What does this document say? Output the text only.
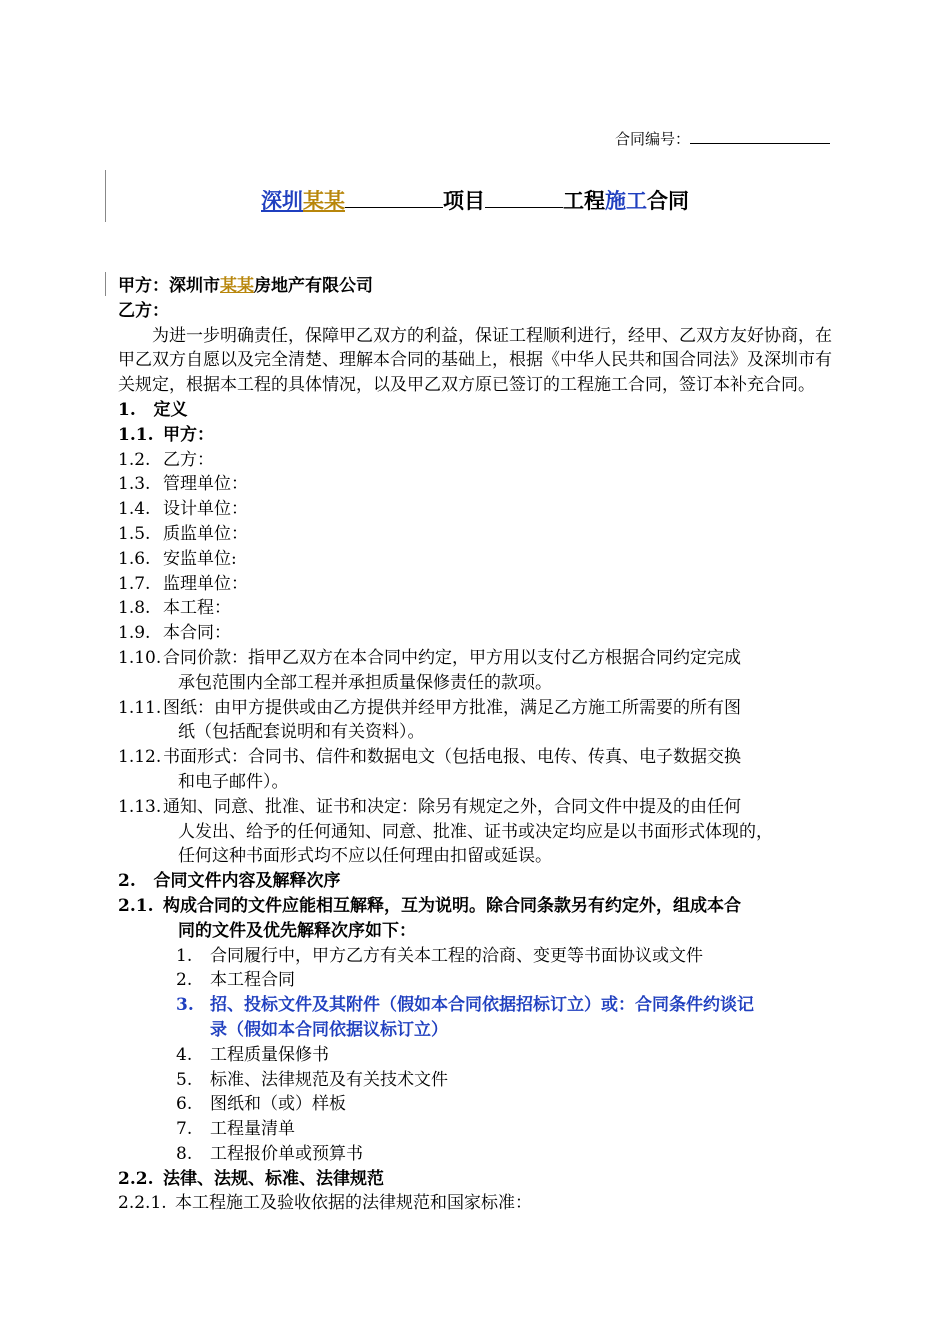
合同编号：
深圳某某	项目	工程施工合同
甲方：深圳市某某房地产有限公司
乙方：
为进一步明确责任，保障甲乙双方的利益，保证工程顺利进行，经甲、乙双方友好协商，在甲乙双方自愿以及完全清楚、理解本合同的基础上，根据《中华人民共和国合同法》及深圳市有关规定，根据本工程的具体情况，以及甲乙双方原已签订的工程施工合同，签订本补充合同。
1.   定义
1.1. 甲方：
1.2. 乙方：
1.3. 管理单位：
1.4. 设计单位：
1.5. 质监单位：
1.6. 安监单位:
1.7. 监理单位：
1.8. 本工程：
1.9. 本合同：
1.10. 合同价款：指甲乙双方在本合同中约定，甲方用以支付乙方根据合同约定完成
承包范围内全部工程并承担质量保修责任的款项。
1.11. 图纸：由甲方提供或由乙方提供并经甲方批准，满足乙方施工所需要的所有图
纸（包括配套说明和有关资料）。
1.12. 书面形式：合同书、信件和数据电文（包括电报、电传、传真、电子数据交换
和电子邮件）。
1.13. 通知、同意、批准、证书和决定：除另有规定之外，合同文件中提及的由任何
人发出、给予的任何通知、同意、批准、证书或决定均应是以书面形式体现的，
任何这种书面形式均不应以任何理由扣留或延误。
2.   合同文件内容及解释次序
2.1. 构成合同的文件应能相互解释，互为说明。除合同条款另有约定外，组成本合
同的文件及优先解释次序如下：
1. 合同履行中，甲方乙方有关本工程的洽商、变更等书面协议或文件
2. 本工程合同
3. 招、投标文件及其附件（假如本合同依据招标订立）或：合同条件约谈记
录（假如本合同依据议标订立）
4. 工程质量保修书
5. 标准、法律规范及有关技术文件
6. 图纸和（或）样板
7. 工程量清单
8. 工程报价单或预算书
2.2. 法律、法规、标准、法律规范
2.2.1. 本工程施工及验收依据的法律规范和国家标准：
